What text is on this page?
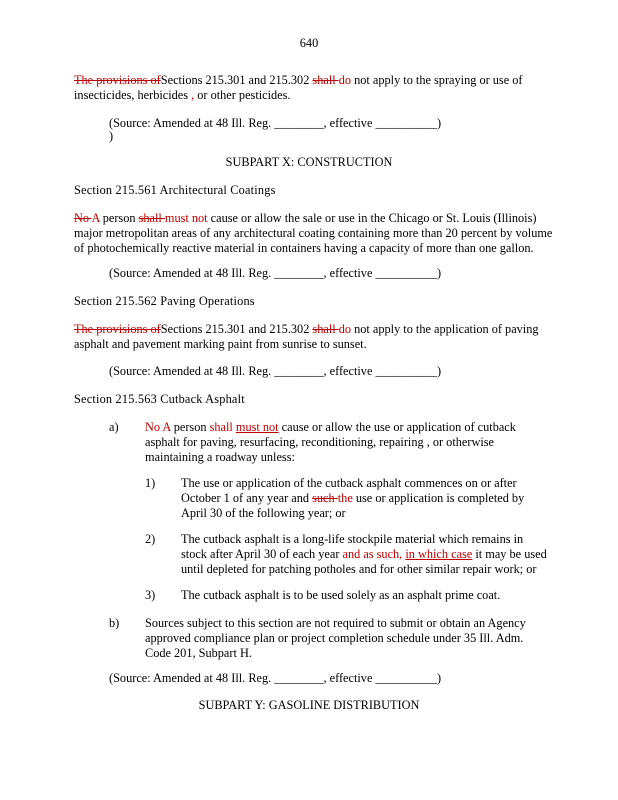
640
The provisions ofSections 215.301 and 215.302 shall do not apply to the spraying or use of
insecticides, herbicides , or other pesticides.
(Source: Amended at 48 Ill. Reg. ________, effective __________)
)
SUBPART X: CONSTRUCTION
Section 215.561 Architectural Coatings
No A person shall must not cause or allow the sale or use in the Chicago or St. Louis (Illinois)
major metropolitan areas of any architectural coating containing more than 20 percent by volume
of photochemically reactive material in containers having a capacity of more than one gallon.
(Source: Amended at 48 Ill. Reg. ________, effective __________)
Section 215.562 Paving Operations
The provisions ofSections 215.301 and 215.302 shall do not apply to the application of paving
asphalt and pavement marking paint from sunrise to sunset.
(Source: Amended at 48 Ill. Reg. ________, effective __________)
Section 215.563 Cutback Asphalt
a) No A person shall must not cause or allow the use or application of cutback
asphalt for paving, resurfacing, reconditioning, repairing , or otherwise
maintaining a roadway unless:
1) The use or application of the cutback asphalt commences on or after
October 1 of any year and such the use or application is completed by
April 30 of the following year; or
2) The cutback asphalt is a long-life stockpile material which remains in
stock after April 30 of each year and as such, in which case it may be used
until depleted for patching potholes and for other similar repair work; or
3) The cutback asphalt is to be used solely as an asphalt prime coat.
b) Sources subject to this section are not required to submit or obtain an Agency
approved compliance plan or project completion schedule under 35 Ill. Adm.
Code 201, Subpart H.
(Source: Amended at 48 Ill. Reg. ________, effective __________)
SUBPART Y: GASOLINE DISTRIBUTION
